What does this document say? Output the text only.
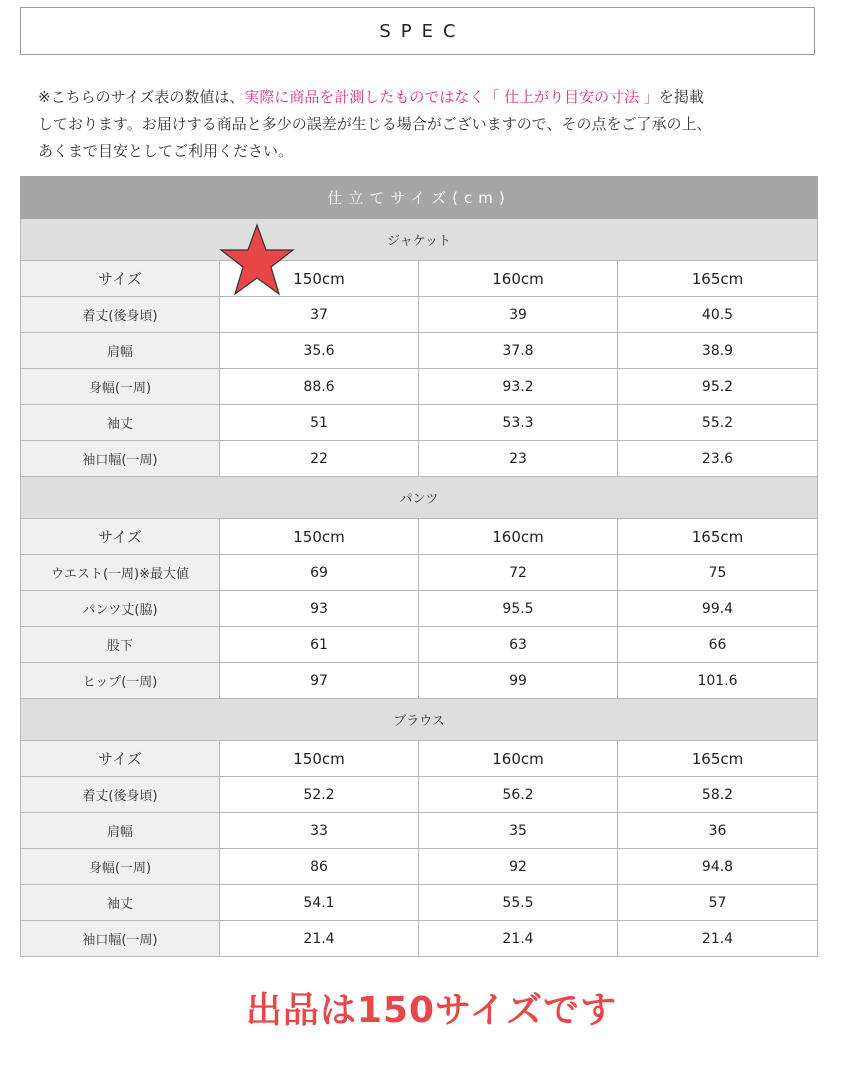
SPEC
※こちらのサイズ表の数値は、実際に商品を計測したものではなく「 仕上がり目安の寸法 」を掲載
しております。お届けする商品と多少の誤差が生じる場合がございますので、その点をご了承の上、
あくまで目安としてご利用ください。
仕立てサイズ(cm)			
ジャケット			
サイズ	150cm	160cm	165cm
着丈(後身頃)	37	39	40.5
肩幅	35.6	37.8	38.9
身幅(一周)	88.6	93.2	95.2
袖丈	51	53.3	55.2
袖口幅(一周)	22	23	23.6
パンツ			
サイズ	150cm	160cm	165cm
ウエスト(一周)※最大値	69	72	75
パンツ丈(脇)	93	95.5	99.4
股下	61	63	66
ヒップ(一周)	97	99	101.6
ブラウス			
サイズ	150cm	160cm	165cm
着丈(後身頃)	52.2	56.2	58.2
肩幅	33	35	36
身幅(一周)	86	92	94.8
袖丈	54.1	55.5	57
袖口幅(一周)	21.4	21.4	21.4
出品は150サイズです
